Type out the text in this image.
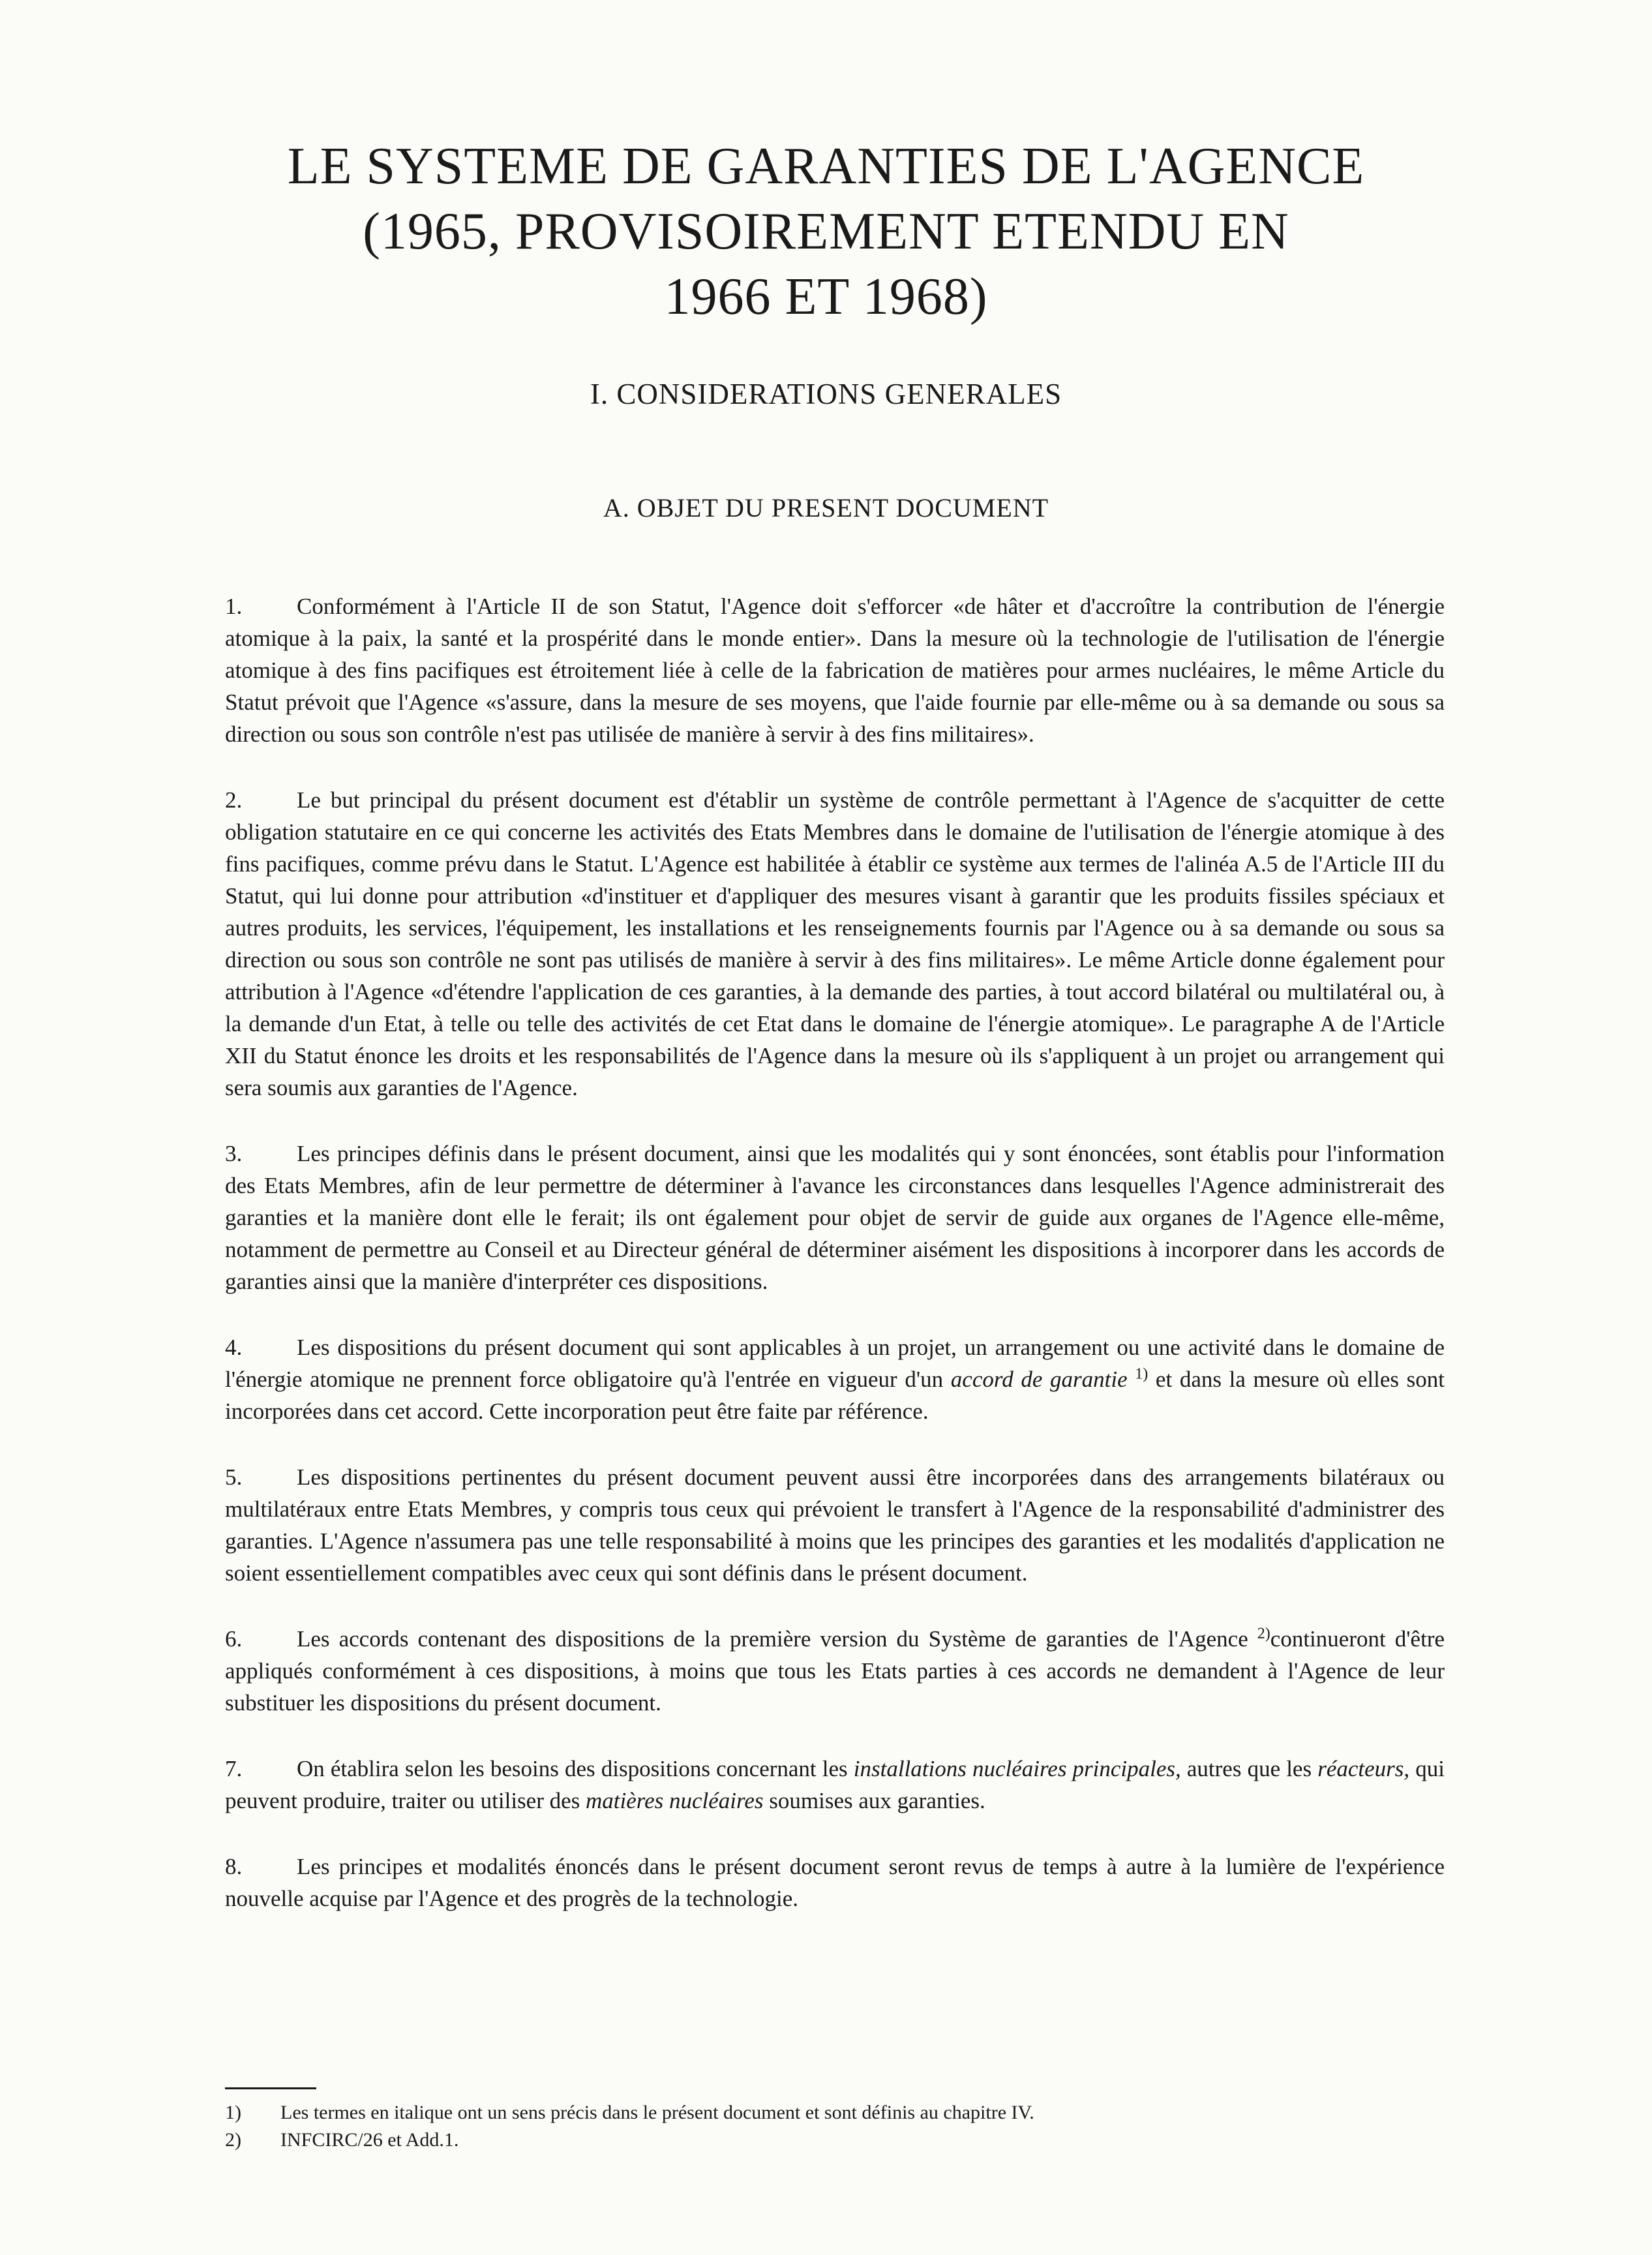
LE SYSTEME DE GARANTIES DE L'AGENCE
(1965, PROVISOIREMENT ETENDU EN
1966 ET 1968)
I. CONSIDERATIONS GENERALES
A. OBJET DU PRESENT DOCUMENT

1. Conformément à l'Article II de son Statut, l'Agence doit s'efforcer «de hâter et d'accroître la contribution de l'énergie atomique à la paix, la santé et la prospérité dans le monde entier». Dans la mesure où la technologie de l'utilisation de l'énergie atomique à des fins pacifiques est étroitement liée à celle de la fabrication de matières pour armes nucléaires, le même Article du Statut prévoit que l'Agence «s'assure, dans la mesure de ses moyens, que l'aide fournie par elle-même ou à sa demande ou sous sa direction ou sous son contrôle n'est pas utilisée de manière à servir à des fins militaires».

2. Le but principal du présent document est d'établir un système de contrôle permettant à l'Agence de s'acquitter de cette obligation statutaire en ce qui concerne les activités des Etats Membres dans le domaine de l'utilisation de l'énergie atomique à des fins pacifiques, comme prévu dans le Statut. L'Agence est habilitée à établir ce système aux termes de l'alinéa A.5 de l'Article III du Statut, qui lui donne pour attribution «d'instituer et d'appliquer des mesures visant à garantir que les produits fissiles spéciaux et autres produits, les services, l'équipement, les installations et les renseignements fournis par l'Agence ou à sa demande ou sous sa direction ou sous son contrôle ne sont pas utilisés de manière à servir à des fins militaires». Le même Article donne également pour attribution à l'Agence «d'étendre l'application de ces garanties, à la demande des parties, à tout accord bilatéral ou multilatéral ou, à la demande d'un Etat, à telle ou telle des activités de cet Etat dans le domaine de l'énergie atomique». Le paragraphe A de l'Article XII du Statut énonce les droits et les responsabilités de l'Agence dans la mesure où ils s'appliquent à un projet ou arrangement qui sera soumis aux garanties de l'Agence.

3. Les principes définis dans le présent document, ainsi que les modalités qui y sont énoncées, sont établis pour l'information des Etats Membres, afin de leur permettre de déterminer à l'avance les circonstances dans lesquelles l'Agence administrerait des garanties et la manière dont elle le ferait; ils ont également pour objet de servir de guide aux organes de l'Agence elle-même, notamment de permettre au Conseil et au Directeur général de déterminer aisément les dispositions à incorporer dans les accords de garanties ainsi que la manière d'interpréter ces dispositions.

4. Les dispositions du présent document qui sont applicables à un projet, un arrangement ou une activité dans le domaine de l'énergie atomique ne prennent force obligatoire qu'à l'entrée en vigueur d'un accord de garantie $^{1)}$ et dans la mesure où elles sont incorporées dans cet accord. Cette incorporation peut être faite par référence.

5. Les dispositions pertinentes du présent document peuvent aussi être incorporées dans des arrangements bilatéraux ou multilatéraux entre Etats Membres, y compris tous ceux qui prévoient le transfert à l'Agence de la responsabilité d'administrer des garanties. L'Agence n'assumera pas une telle responsabilité à moins que les principes des garanties et les modalités d'application ne soient essentiellement compatibles avec ceux qui sont définis dans le présent document.

6. Les accords contenant des dispositions de la première version du Système de garanties de l'Agence $^{2)}$continueront d'être appliqués conformément à ces dispositions, à moins que tous les Etats parties à ces accords ne demandent à l'Agence de leur substituer les dispositions du présent document.

7. On établira selon les besoins des dispositions concernant les installations nucléaires principales, autres que les réacteurs, qui peuvent produire, traiter ou utiliser des matières nucléaires soumises aux garanties.

8. Les principes et modalités énoncés dans le présent document seront revus de temps à autre à la lumière de l'expérience nouvelle acquise par l'Agence et des progrès de la technologie.

1) Les termes en italique ont un sens précis dans le présent document et sont définis au chapitre IV.
2) INFCIRC/26 et Add.1.
